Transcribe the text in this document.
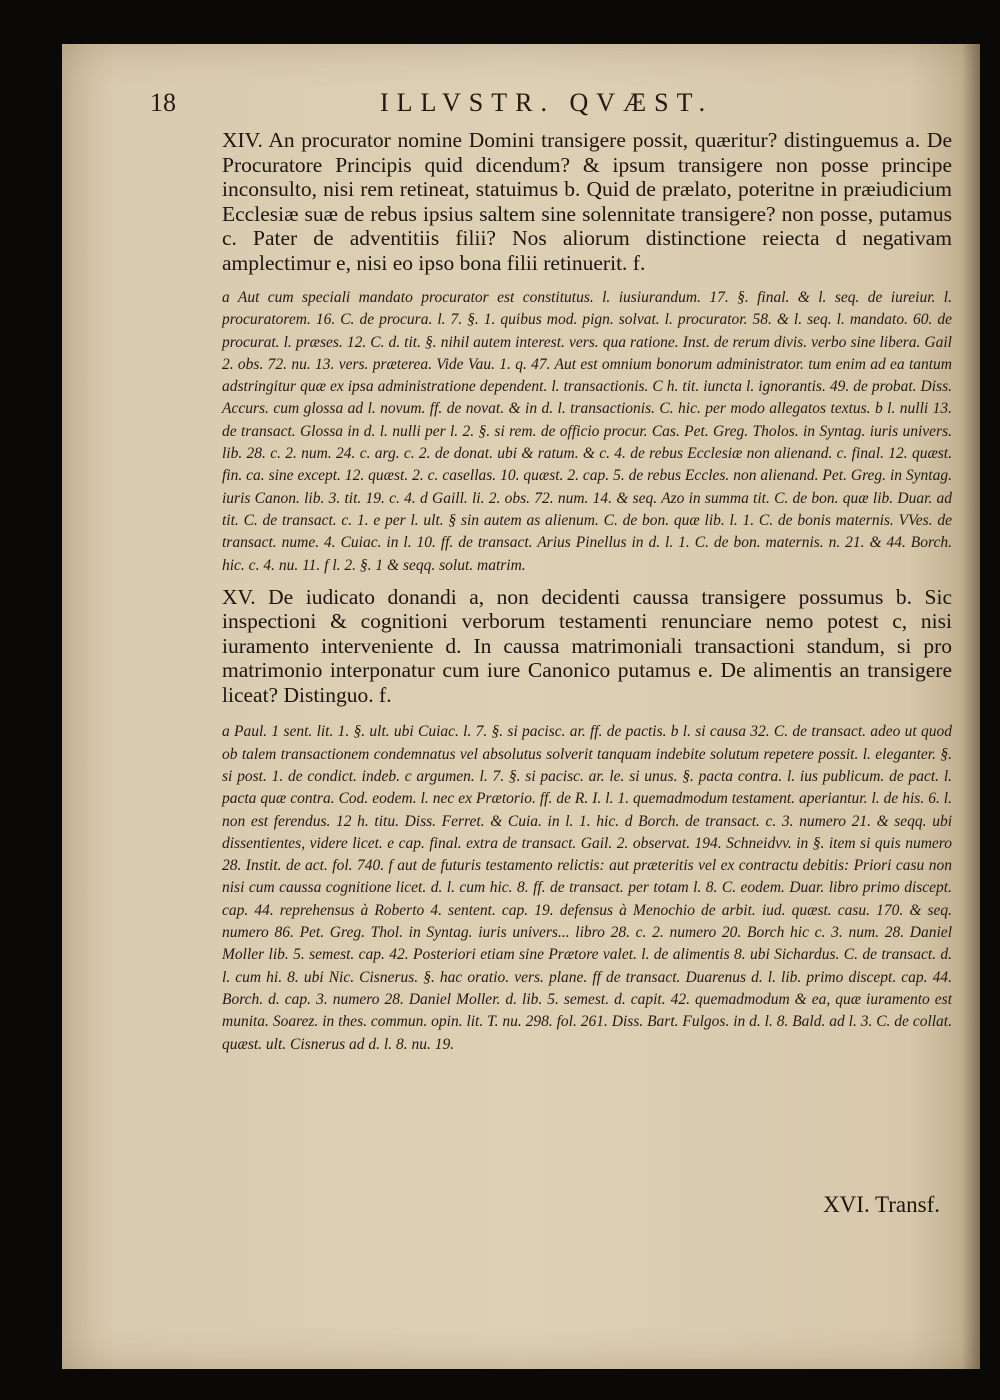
18	ILLVSTR. QVÆST.

XIV. An procurator nomine Domini transigere possit, quæritur? distinguemus a. De Procuratore Principis quid dicendum? & ipsum transigere non posse principe inconsulto, nisi rem retineat, statuimus b. Quid de prælato, poteritne in præiudicium Ecclesiæ suæ de rebus ipsius saltem sine solennitate transigere? non posse, putamus c. Pater de adventitiis filii? Nos aliorum distinctione reiecta d negativam amplectimur e, nisi eo ipso bona filii retinuerit. f.

a Aut cum speciali mandato procurator est constitutus. l. iusiurandum. 17. §. final. & l. seq. de iureiur. l. procuratorem. 16. C. de procura. l. 7. §. 1. quibus mod. pign. solvat. l. procurator. 58. & l. seq. l. mandato. 60. de procurat. l. præses. 12. C. d. tit. §. nihil autem interest. vers. qua ratione. Inst. de rerum divis. verbo sine libera. Gail 2. obs. 72. nu. 13. vers. præterea. Vide Vau. 1. q. 47. Aut est omnium bonorum administrator. tum enim ad ea tantum adstringitur quæ ex ipsa administratione dependent. l. transactionis. C h. tit. iuncta l. ignorantis. 49. de probat. Diss. Accurs. cum glossa ad l. novum. ff. de novat. & in d. l. transactionis. C. hic. per modo allegatos textus. b l. nulli 13. de transact. Glossa in d. l. nulli per l. 2. §. si rem. de officio procur. Cas. Pet. Greg. Tholos. in Syntag. iuris univers. lib. 28. c. 2. num. 24. c. arg. c. 2. de donat. ubi & ratum. & c. 4. de rebus Ecclesiæ non alienand. c. final. 12. quæst. fin. ca. sine except. 12. quæst. 2. c. casellas. 10. quæst. 2. cap. 5. de rebus Eccles. non alienand. Pet. Greg. in Syntag. iuris Canon. lib. 3. tit. 19. c. 4. d Gaill. li. 2. obs. 72. num. 14. & seq. Azo in summa tit. C. de bon. quæ lib. Duar. ad tit. C. de transact. c. 1. e per l. ult. § sin autem as alienum. C. de bon. quæ lib. l. 1. C. de bonis maternis. VVes. de transact. nume. 4. Cuiac. in l. 10. ff. de transact. Arius Pinellus in d. l. 1. C. de bon. maternis. n. 21. & 44. Borch. hic. c. 4. nu. 11. f l. 2. §. 1 & seqq. solut. matrim.

XV. De iudicato donandi a, non decidenti caussa transigere possumus b. Sic inspectioni & cognitioni verborum testamenti renunciare nemo potest c, nisi iuramento interveniente d. In caussa matrimoniali transactioni standum, si pro matrimonio interponatur cum iure Canonico putamus e. De alimentis an transigere liceat? Distinguo. f.

a Paul. 1 sent. lit. 1. §. ult. ubi Cuiac. l. 7. §. si pacisc. ar. ff. de pactis. b l. si causa 32. C. de transact. adeo ut quod ob talem transactionem condemnatus vel absolutus solverit tanquam indebite solutum repetere possit. l. eleganter. §. si post. 1. de condict. indeb. c argumen. l. 7. §. si pacisc. ar. le. si unus. §. pacta contra. l. ius publicum. de pact. l. pacta quæ contra. Cod. eodem. l. nec ex Prætorio. ff. de R. I. l. 1. quemadmodum testament. aperiantur. l. de his. 6. l. non est ferendus. 12 h. titu. Diss. Ferret. & Cuia. in l. 1. hic. d Borch. de transact. c. 3. numero 21. & seqq. ubi dissentientes, videre licet. e cap. final. extra de transact. Gail. 2. observat. 194. Schneidvv. in §. item si quis numero 28. Instit. de act. fol. 740. f aut de futuris testamento relictis: aut præteritis vel ex contractu debitis: Priori casu non nisi cum caussa cognitione licet. d. l. cum hic. 8. ff. de transact. per totam l. 8. C. eodem. Duar. libro primo discept. cap. 44. reprehensus à Roberto 4. sentent. cap. 19. defensus à Menochio de arbit. iud. quæst. casu. 170. & seq. numero 86. Pet. Greg. Thol. in Syntag. iuris univers... libro 28. c. 2. numero 20. Borch hic c. 3. num. 28. Daniel Moller lib. 5. semest. cap. 42. Posteriori etiam sine Prætore valet. l. de alimentis 8. ubi Sichardus. C. de transact. d. l. cum hi. 8. ubi Nic. Cisnerus. §. hac oratio. vers. plane. ff de transact. Duarenus d. l. lib. primo discept. cap. 44. Borch. d. cap. 3. numero 28. Daniel Moller. d. lib. 5. semest. d. capit. 42. quemadmodum & ea, quæ iuramento est munita. Soarez. in thes. commun. opin. lit. T. nu. 298. fol. 261. Diss. Bart. Fulgos. in d. l. 8. Bald. ad l. 3. C. de collat. quæst. ult. Cisnerus ad d. l. 8. nu. 19.

XVI. Transf.
